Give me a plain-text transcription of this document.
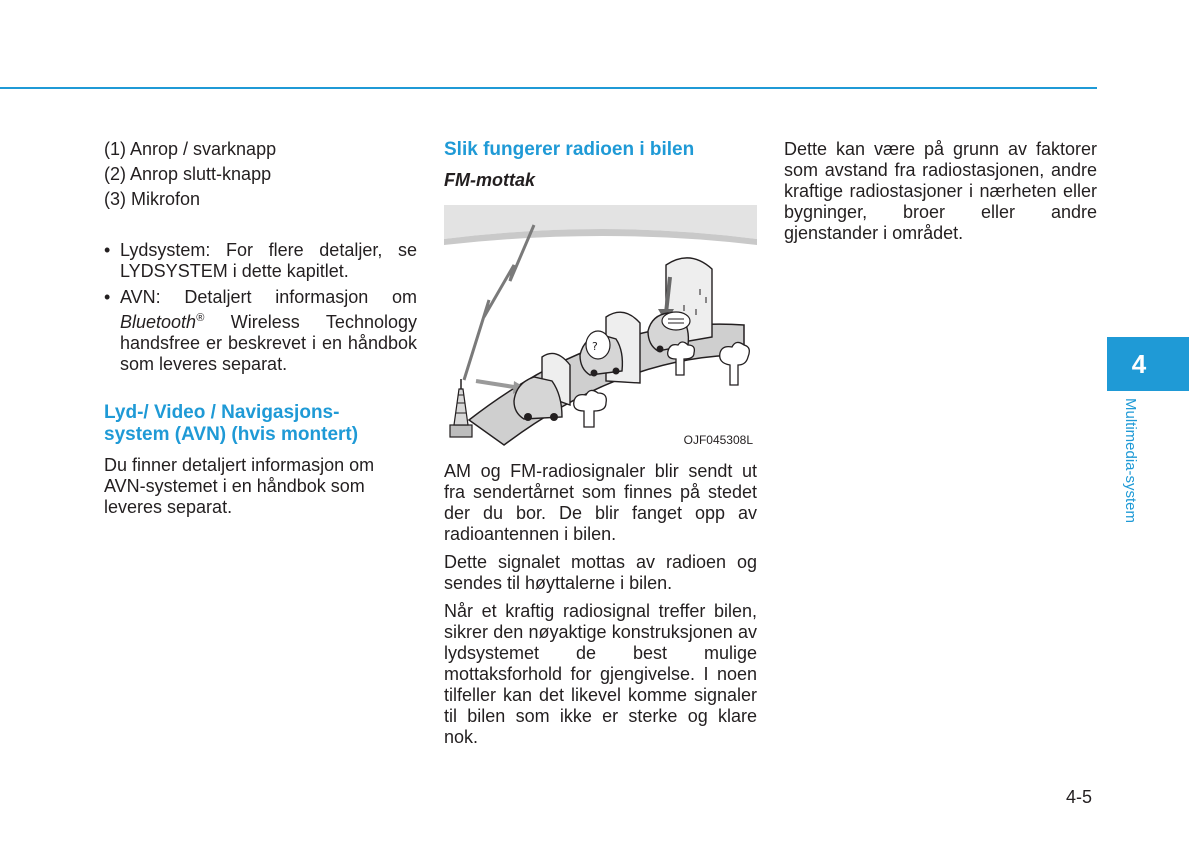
(1) Anrop / svarknapp

(2) Anrop slutt-knapp

(3) Mikrofon

• Lydsystem: For flere detaljer, se LYDSYSTEM i dette kapitlet.
• AVN: Detaljert informasjon om Bluetooth® Wireless Technology handsfree er beskrevet i en håndbok som leveres separat.
Lyd-/ Video / Navigasjons-
system (AVN) (hvis montert)

Du finner detaljert informasjon om AVN-systemet i en håndbok som leveres separat.

Slik fungerer radioen i bilen
FM-mottak
?
OJF045308L

AM og FM-radiosignaler blir sendt ut fra sendertårnet som finnes på stedet der du bor. De blir fanget opp av radioantennen i bilen.

Dette signalet mottas av radioen og sendes til høyttalerne i bilen.

Når et kraftig radiosignal treffer bilen, sikrer den nøyaktige konstruksjonen av lydsystemet de best mulige mottaksforhold for gjengivelse. I noen tilfeller kan det likevel komme signaler til bilen som ikke er sterke og klare nok.

Dette kan være på grunn av faktorer som avstand fra radiostasjonen, andre kraftige radiostasjoner i nærheten eller bygninger, broer eller andre gjenstander i området.

4
Multimedia-system
4-5
